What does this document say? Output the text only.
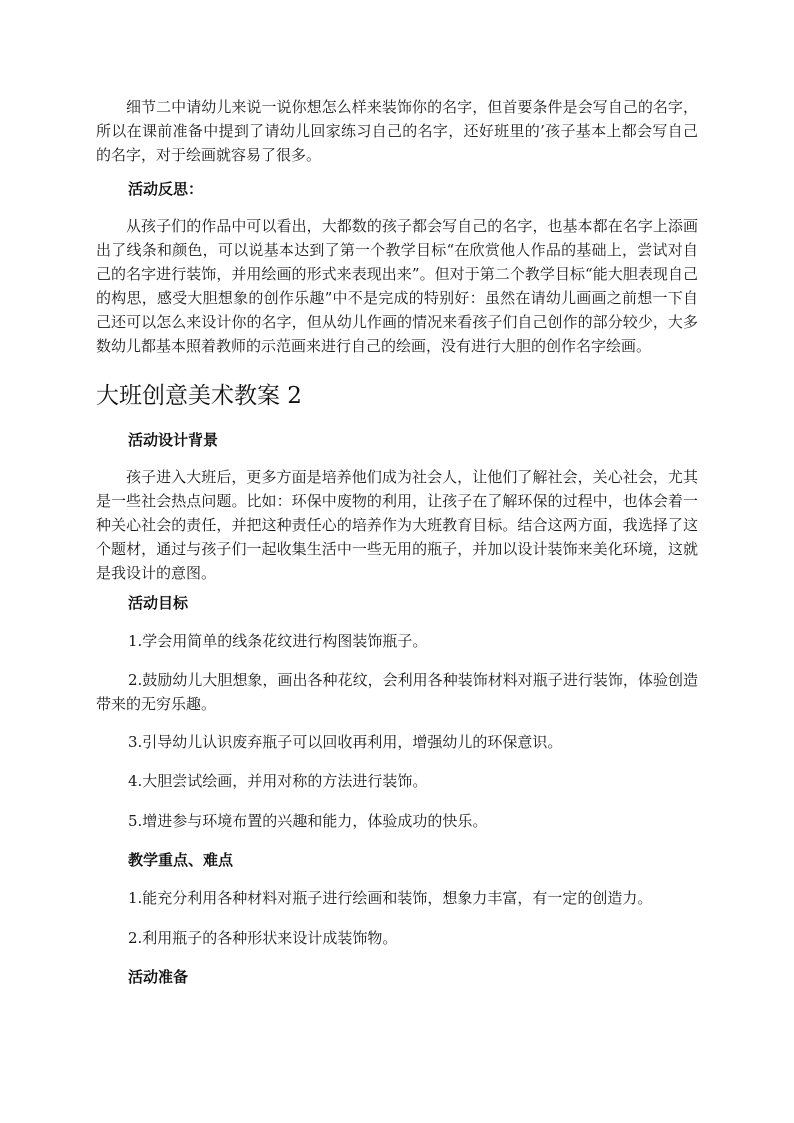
细节二中请幼儿来说一说你想怎么样来装饰你的名字，但首要条件是会写自己的名字，所以在课前准备中提到了请幼儿回家练习自己的名字，还好班里的’孩子基本上都会写自己的名字，对于绘画就容易了很多。

活动反思：

从孩子们的作品中可以看出，大都数的孩子都会写自己的名字，也基本都在名字上添画出了线条和颜色，可以说基本达到了第一个教学目标“在欣赏他人作品的基础上，尝试对自己的名字进行装饰，并用绘画的形式来表现出来”。但对于第二个教学目标“能大胆表现自己的构思，感受大胆想象的创作乐趣”中不是完成的特别好：虽然在请幼儿画画之前想一下自己还可以怎么来设计你的名字，但从幼儿作画的情况来看孩子们自己创作的部分较少，大多数幼儿都基本照着教师的示范画来进行自己的绘画，没有进行大胆的创作名字绘画。

大班创意美术教案 2

活动设计背景

孩子进入大班后，更多方面是培养他们成为社会人，让他们了解社会，关心社会，尤其是一些社会热点问题。比如：环保中废物的利用，让孩子在了解环保的过程中，也体会着一种关心社会的责任，并把这种责任心的培养作为大班教育目标。结合这两方面，我选择了这个题材，通过与孩子们一起收集生活中一些无用的瓶子，并加以设计装饰来美化环境，这就是我设计的意图。

活动目标

1.学会用简单的线条花纹进行构图装饰瓶子。

2.鼓励幼儿大胆想象，画出各种花纹，会利用各种装饰材料对瓶子进行装饰，体验创造带来的无穷乐趣。

3.引导幼儿认识废弃瓶子可以回收再利用，增强幼儿的环保意识。

4.大胆尝试绘画，并用对称的方法进行装饰。

5.增进参与环境布置的兴趣和能力，体验成功的快乐。

教学重点、难点

1.能充分利用各种材料对瓶子进行绘画和装饰，想象力丰富，有一定的创造力。

2.利用瓶子的各种形状来设计成装饰物。

活动准备
